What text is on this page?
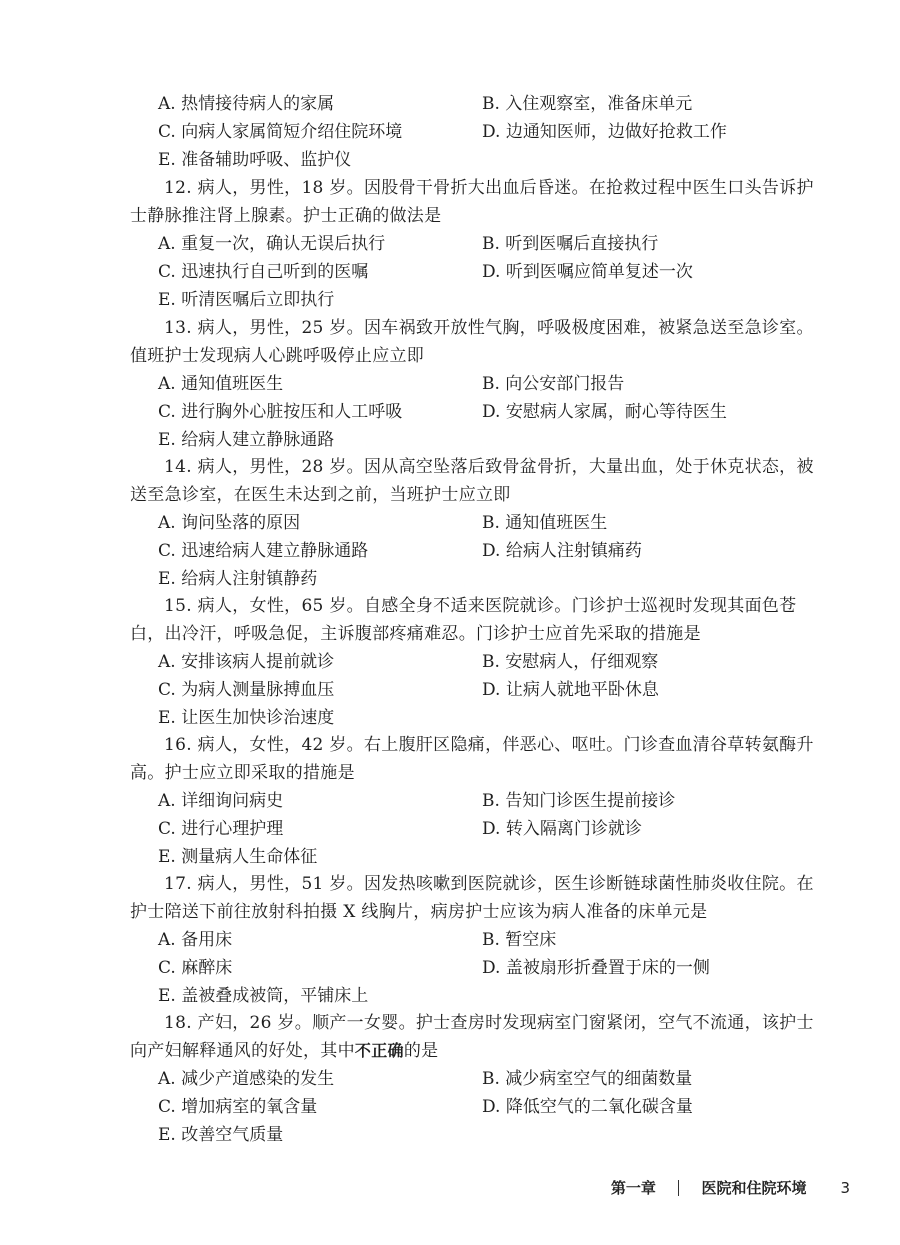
A. 热情接待病人的家属	B. 入住观察室，准备床单元
C. 向病人家属简短介绍住院环境	D. 边通知医师，边做好抢救工作
E. 准备辅助呼吸、监护仪

12. 病人，男性，18 岁。因股骨干骨折大出血后昏迷。在抢救过程中医生口头告诉护士静脉推注肾上腺素。护士正确的做法是

A. 重复一次，确认无误后执行	B. 听到医嘱后直接执行
C. 迅速执行自己听到的医嘱	D. 听到医嘱应简单复述一次
E. 听清医嘱后立即执行

13. 病人，男性，25 岁。因车祸致开放性气胸，呼吸极度困难，被紧急送至急诊室。值班护士发现病人心跳呼吸停止应立即

A. 通知值班医生	B. 向公安部门报告
C. 进行胸外心脏按压和人工呼吸	D. 安慰病人家属，耐心等待医生
E. 给病人建立静脉通路

14. 病人，男性，28 岁。因从高空坠落后致骨盆骨折，大量出血，处于休克状态，被送至急诊室，在医生未达到之前，当班护士应立即

A. 询问坠落的原因	B. 通知值班医生
C. 迅速给病人建立静脉通路	D. 给病人注射镇痛药
E. 给病人注射镇静药

15. 病人，女性，65 岁。自感全身不适来医院就诊。门诊护士巡视时发现其面色苍白，出冷汗，呼吸急促，主诉腹部疼痛难忍。门诊护士应首先采取的措施是

A. 安排该病人提前就诊	B. 安慰病人，仔细观察
C. 为病人测量脉搏血压	D. 让病人就地平卧休息
E. 让医生加快诊治速度

16. 病人，女性，42 岁。右上腹肝区隐痛，伴恶心、呕吐。门诊查血清谷草转氨酶升高。护士应立即采取的措施是

A. 详细询问病史	B. 告知门诊医生提前接诊
C. 进行心理护理	D. 转入隔离门诊就诊
E. 测量病人生命体征

17. 病人，男性，51 岁。因发热咳嗽到医院就诊，医生诊断链球菌性肺炎收住院。在护士陪送下前往放射科拍摄 X 线胸片，病房护士应该为病人准备的床单元是

A. 备用床	B. 暂空床
C. 麻醉床	D. 盖被扇形折叠置于床的一侧
E. 盖被叠成被筒，平铺床上

18. 产妇，26 岁。顺产一女婴。护士查房时发现病室门窗紧闭，空气不流通，该护士向产妇解释通风的好处，其中不正确的是

A. 减少产道感染的发生	B. 减少病室空气的细菌数量
C. 增加病室的氧含量	D. 降低空气的二氧化碳含量
E. 改善空气质量
第一章	医院和住院环境 3
